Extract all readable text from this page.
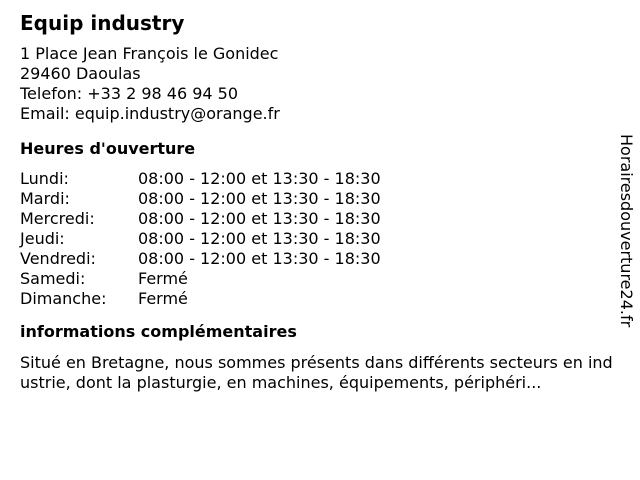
Equip industry
1 Place Jean François le Gonidec
29460 Daoulas
Telefon: +33 2 98 46 94 50
Email: equip.industry@orange.fr
Heures d'ouverture
Lundi:	08:00 - 12:00 et 13:30 - 18:30
Mardi:	08:00 - 12:00 et 13:30 - 18:30
Mercredi:	08:00 - 12:00 et 13:30 - 18:30
Jeudi:	08:00 - 12:00 et 13:30 - 18:30
Vendredi:	08:00 - 12:00 et 13:30 - 18:30
Samedi:	Fermé
Dimanche:	Fermé
informations complémentaires
Situé en Bretagne, nous sommes présents dans différents secteurs en industrie, dont la plasturgie, en machines, équipements, périphéri...
Horairesdouverture24.fr
